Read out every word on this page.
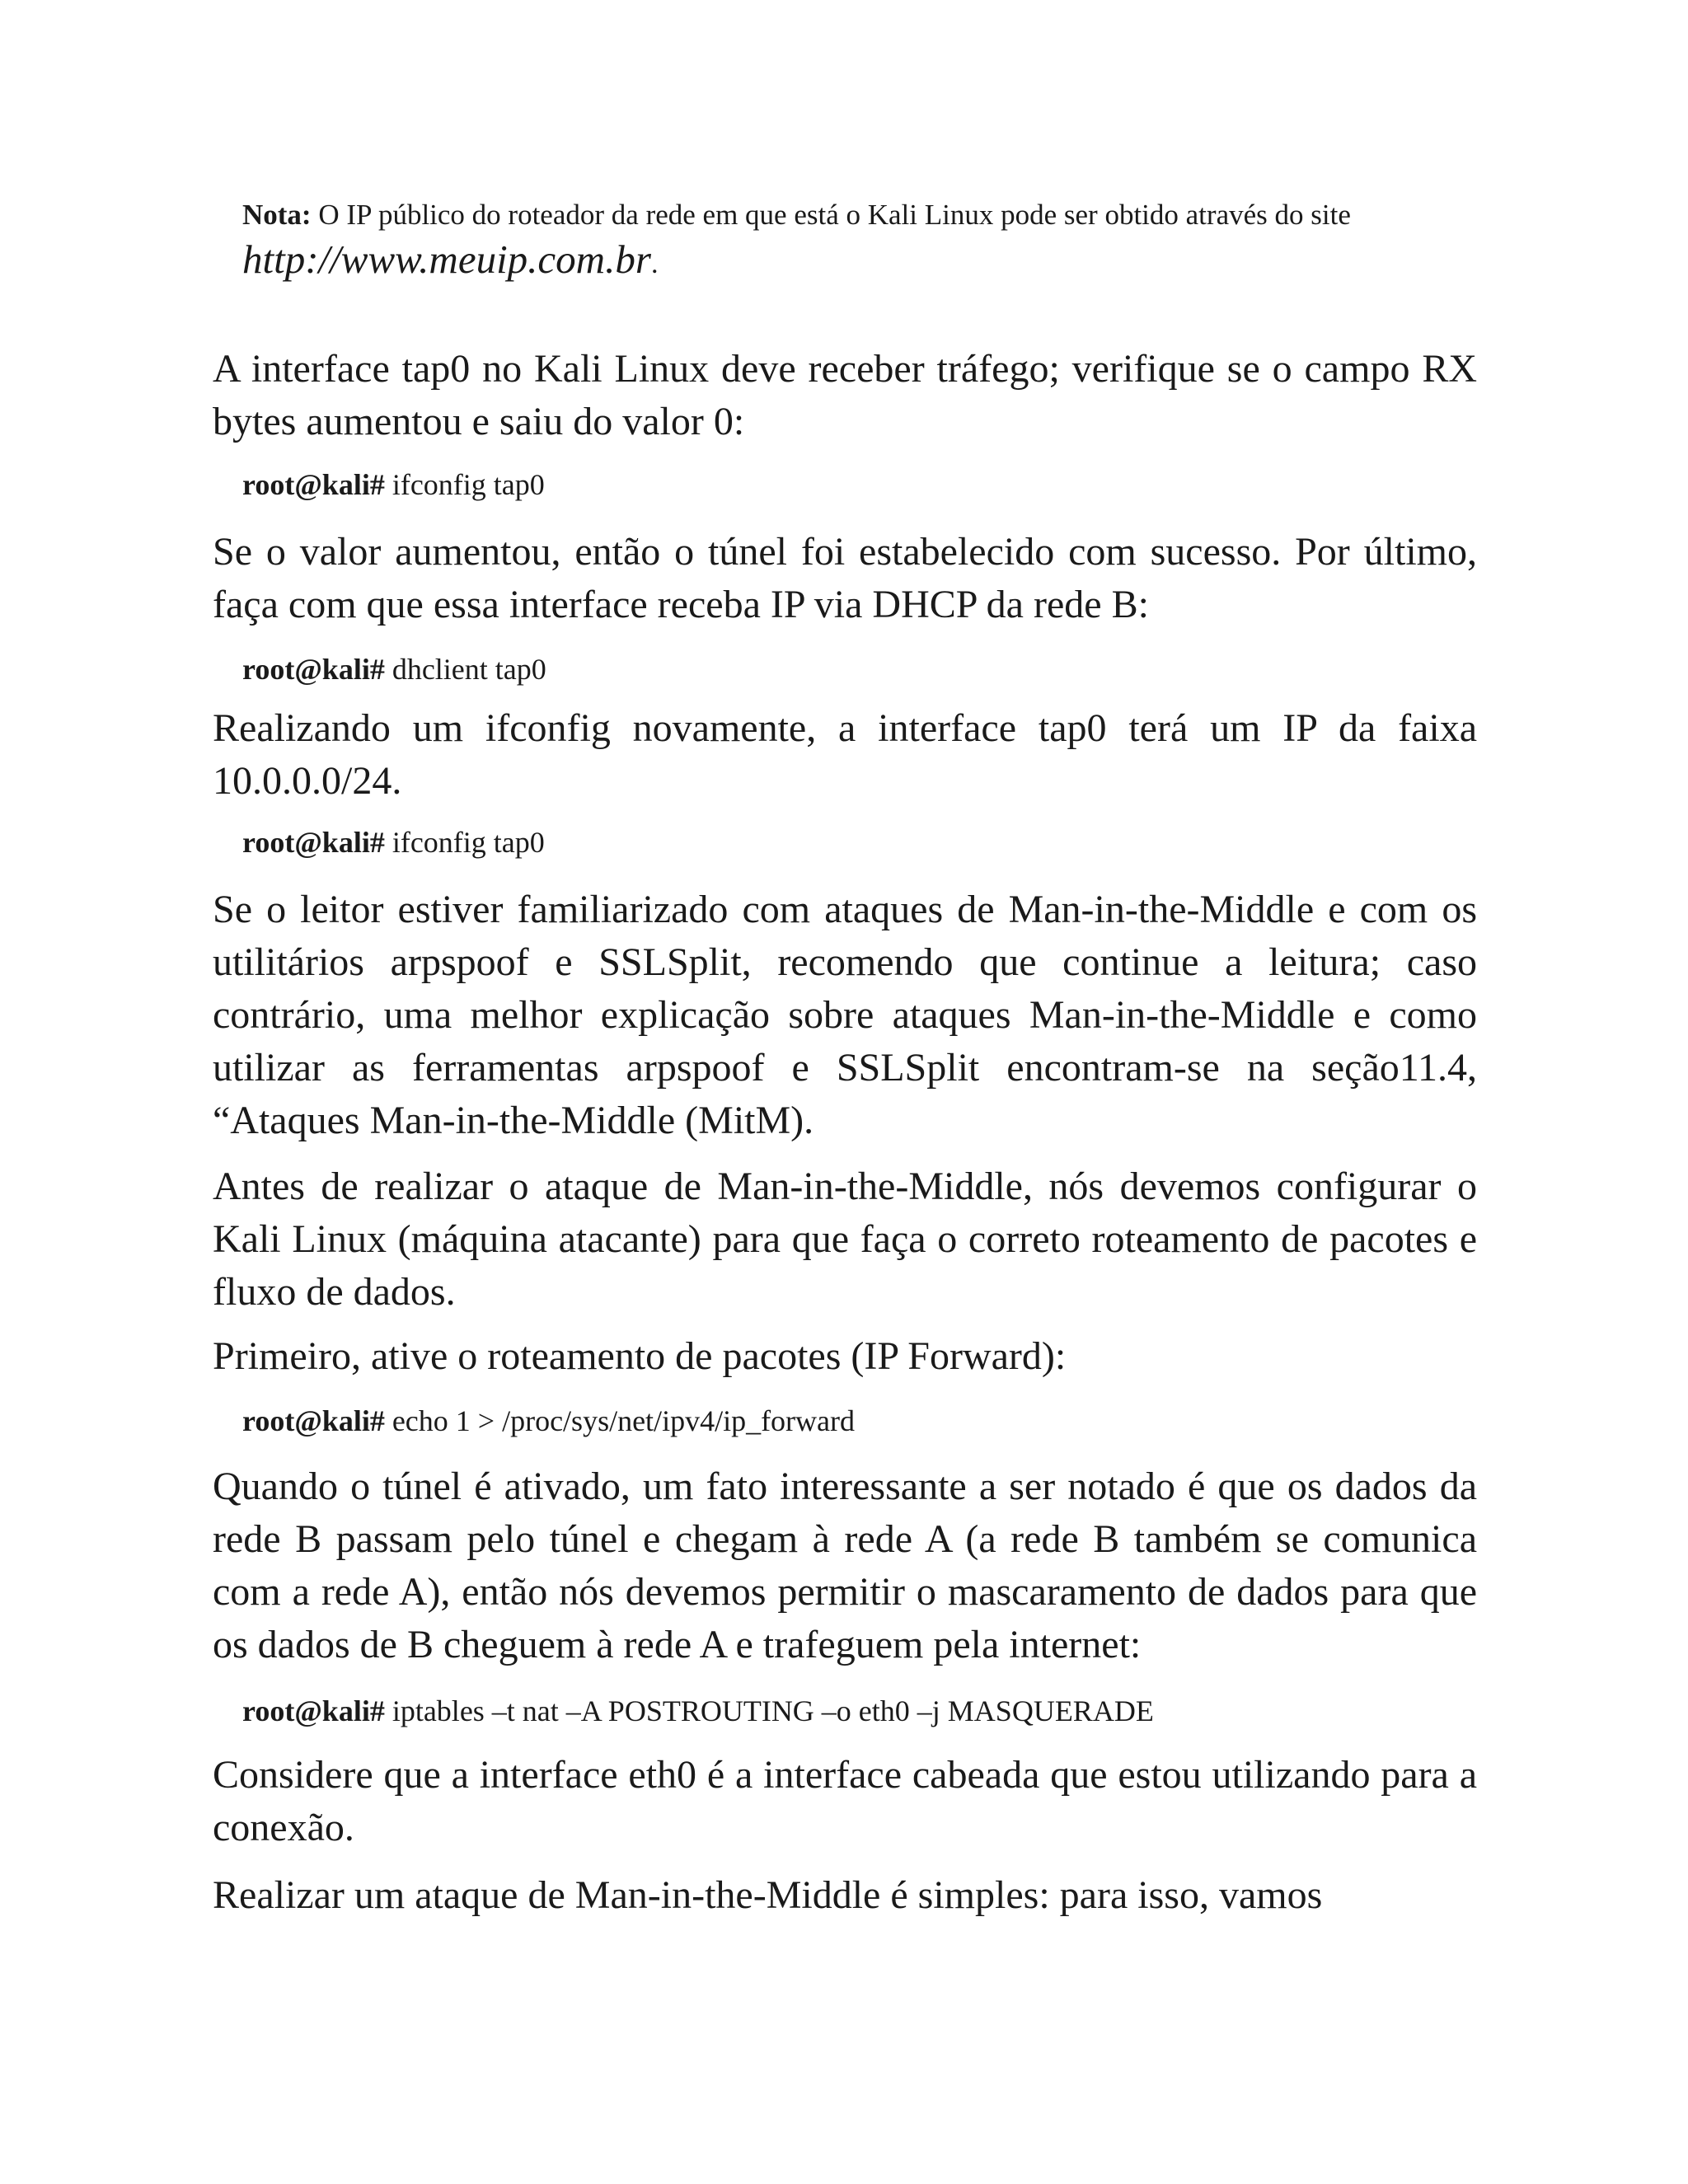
Nota: O IP público do roteador da rede em que está o Kali Linux pode ser obtido através do site
http://www.meuip.com.br.

A interface tap0 no Kali Linux deve receber tráfego; verifique se o campo RX bytes aumentou e saiu do valor 0:

root@kali# ifconfig tap0

Se o valor aumentou, então o túnel foi estabelecido com sucesso. Por último, faça com que essa interface receba IP via DHCP da rede B:

root@kali# dhclient tap0

Realizando um ifconfig novamente, a interface tap0 terá um IP da faixa 10.0.0.0/24.

root@kali# ifconfig tap0

Se o leitor estiver familiarizado com ataques de Man-in-the-Middle e com os utilitários arpspoof e SSLSplit, recomendo que continue a leitura; caso contrário, uma melhor explicação sobre ataques Man-in-the-Middle e como utilizar as ferramentas arpspoof e SSLSplit encontram-se na seção11.4, “Ataques Man-in-the-Middle (MitM).

Antes de realizar o ataque de Man-in-the-Middle, nós devemos configurar o Kali Linux (máquina atacante) para que faça o correto roteamento de pacotes e fluxo de dados.

Primeiro, ative o roteamento de pacotes (IP Forward):

root@kali# echo 1 > /proc/sys/net/ipv4/ip_forward

Quando o túnel é ativado, um fato interessante a ser notado é que os dados da rede B passam pelo túnel e chegam à rede A (a rede B também se comunica com a rede A), então nós devemos permitir o mascaramento de dados para que os dados de B cheguem à rede A e trafeguem pela internet:

root@kali# iptables –t nat –A POSTROUTING –o eth0 –j MASQUERADE

Considere que a interface eth0 é a interface cabeada que estou utilizando para a conexão.

Realizar um ataque de Man-in-the-Middle é simples: para isso, vamos
